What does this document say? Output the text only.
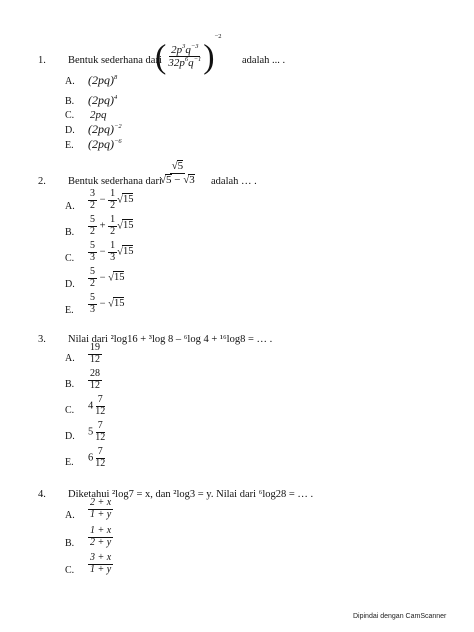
1. Bentuk sederhana dari
( $\frac{2p^3q^{-3}}{32p^6q^{-1}} )^{-2}$
adalah ... .
A. $(2pq)^8$
B. $(2pq)^4$
C. 2pq
D. $(2pq)^{-2}$
E. $(2pq)^{-6}$
2. Bentuk sederhana dari
$\frac{√5}{√5 - √3}$ adalah … .
A. $\frac{3}{2} - \frac{1}{2} √15$
B. $\frac{5}{2} + \frac{1}{2} √15$
C. $\frac{5}{3} - \frac{1}{3} √15$
D. $\frac{5}{2} - √15$
E. $\frac{5}{3} - √15$
3. Nilai dari ²log16 + ³log 8 – ⁶log 4 + ¹⁶log8 = … .
A. $\frac{19}{12}$
B. $\frac{28}{12}$
C. $4 \frac{7}{12}$
D. $5 \frac{7}{12}$
E. $6 \frac{7}{12}$
4. Diketahui ²log7 = x, dan ²log3 = y. Nilai dari ⁶log28 = … .
A. $\frac{2 + x}{1 + y}$
B. $\frac{1 + x}{2 + y}$
C. $\frac{3 + x}{1 + y}$
Dipindai dengan CamScanner
